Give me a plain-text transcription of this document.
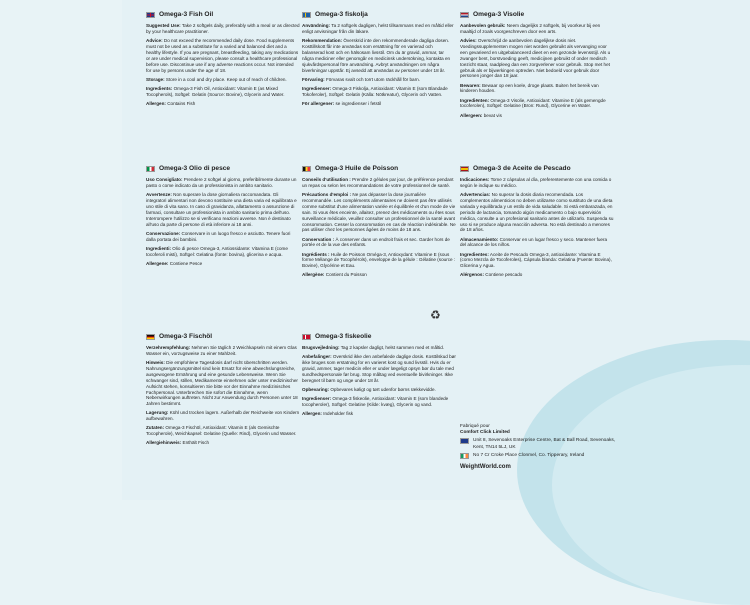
Omega-3 Fish Oil

Suggested Use: Take 2 softgels daily, preferably with a meal or as directed by your healthcare practitioner.

Advice: Do not exceed the recommended daily dose. Food supplements must not be used as a substitute for a varied and balanced diet and a healthy lifestyle. If you are pregnant, breastfeeding, taking any medications or are under medical supervision, please consult a healthcare professional before use. Discontinue use if any adverse reactions occur. Not intended for use by persons under the age of 18.

Storage: Store in a cool and dry place. Keep out of reach of children.

Ingredients: Omega-3 Fish Oil, Antioxidant: Vitamin E (as Mixed Tocopherols), Softgel: Gelatin (Source: Bovine), Glycerin and Water.

Allergen: Contains Fish

Omega-3 fiskolja

Användning: Ta 2 softgels dagligen, helst tillsammans med en måltid eller enligt anvisningar från din läkare.

Rekommendation: Överskrid inte den rekommenderade dagliga dosen. Kosttillskott får inte användas som ersättning för en varierad och balanserad kost och en hälsosam livsstil. Om du är gravid, ammar, tar några mediciner eller genomgår en medicinsk undersökning, kontakta en sjukvårdspersonal före användning. Avbryt användningen om några biverkningar uppstår. Ej avsedd att användas av personer under 18 år.

Förvaring: Förvaras svalt och torrt utom räckhåll för barn.

Ingredienser: Omega-3 Fiskolja, Antioxidant: Vitamin E (som Blandade Tokoferoler), Softgel: Gelatin (Källa: Nötkreatur), Glycerin och Vatten.

För allergener: se ingredienser i fetstil

Omega-3 Visolie

Aanbevolen gebruik: Neem dagelijks 2 softgels, bij voorkeur bij een maaltijd of zoals voorgeschreven door een arts.

Advies: Overschrijd de aanbevolen dagelijkse dosis niet. Voedingssupplementen mogen niet worden gebruikt als vervanging voor een gevarieerd en uitgebalanceerd dieet en een gezonde levensstijl. Als u zwanger bent, borstvoeding geeft, medicijnen gebruikt of onder medisch toezicht staat, raadpleeg dan een zorgverlener voor gebruik. Stop met het gebruik als er bijwerkingen optreden. Niet bedoeld voor gebruik door personen jonger dan 18 jaar.

Bewaren: Bewaar op een koele, droge plaats. Buiten het bereik van kinderen houden.

Ingrediënten: Omega-3 Visolie, Antioxidant: Vitamine E (als gemengde tocoferolen), Softgel: Gelatine (Bron: Rund), Glycerine en Water.

Allergeen: bevat vis

Omega-3 Olio di pesce

Uso Consigliato: Prendere 2 softgel al giorno, preferibilmente durante un pasto o come indicato da un professionista in ambito sanitario.

Avvertenze: Non superare la dose giornaliera raccomandata. Gli integratori alimentari non devono sostituire una dieta varia ed equilibrata e uno stile di vita sano. In caso di gravidanza, allattamento o assunzione di farmaci, consultare un professionista in ambito sanitario prima dell'uso. Interrompere l'utilizzo se si verificano reazioni avverse. Non è destinato all'uso da parte di persone di età inferiore ai 18 anni.

Conservazione: Conservare in un luogo fresco e asciutto. Tenere fuori dalla portata dei bambini.

Ingredienti: Olio di pesce Omega-3, Antiossidante: Vitamina E (come tocoferoli misti), Softgel: Gelatina (fonte: bovina), glicerina e acqua.

Allergene: Contiene Pesce

Omega-3 Huile de Poisson

Conseils d'utilisation : Prendre 2 gélules par jour, de préférence pendant un repas ou selon les recommandations de votre professionnel de santé.

Précautions d'emploi : Ne pas dépasser la dose journalière recommandée. Les compléments alimentaires ne doivent pas être utilisés comme substitut d'une alimentation variée et équilibrée et d'un mode de vie sain. Si vous êtes enceinte, allaitez, prenez des médicaments ou êtes sous surveillance médicale, veuillez consulter un professionnel de la santé avant consommation. Cesser la consommation en cas de réaction indésirable. Ne pas utiliser chez les personnes âgées de moins de 18 ans.

Conservation : À conserver dans un endroit frais et sec. Garder hors de portée et de la vue des enfants.

Ingrédients : Huile de Poisson Oméga-3, Antioxydant: Vitamine E (sous forme Mélange de Tocophérols), enveloppe de la gélule : Gélatine (source : Bovine), Glycérine et Eau.

Allergène: Contient du Poisson

Omega-3 de Aceite de Pescado

Indicaciones: Tome 2 cápsulas al día, preferentemente con una comida o según le indique su médico.

Advertencias: No superar la dosis diaria recomendada. Los complementos alimenticios no deben utilizarse como sustituto de una dieta variada y equilibrada y un estilo de vida saludable. Si está embarazada, en periodo de lactancia, tomando algún medicamento o bajo supervisión médica, consulte a un profesional sanitario antes de utilizarlo. Suspenda su uso si se produce alguna reacción adversa. No está destinado a menores de 18 años.

Almacenamiento: Conservar en un lugar fresco y seco. Mantener fuera del alcance de los niños.

Ingredientes: Aceite de Pescado Omega-3, antioxidante: Vitamina E (como Mezcla de Tocoferoles), Cápsula blanda: Gelatina (Fuente: Bovina), Glicerina y Agua.

Alérgenos: Contiene pescado

♻
Omega-3 Fischöl

Verzehrempfehlung: Nehmen Sie täglich 2 Weichkapseln mit einem Glas Wasser ein, vorzugsweise zu einer Mahlzeit.

Hinweis: Die empfohlene Tagesdosis darf nicht überschritten werden. Nahrungsergänzungsmittel sind kein Ersatz für eine abwechslungsreiche, ausgewogene Ernährung und eine gesunde Lebensweise. Wenn Sie schwanger sind, stillen, Medikamente einnehmen oder unter medizinischer Aufsicht stehen, konsultieren Sie bitte vor der Einnahme medizinisches Fachpersonal. Unterbrechen Sie sofort die Einnahme, wenn Nebenwirkungen auftreten. Nicht zur Anwendung durch Personen unter 18 Jahren bestimmt.

Lagerung: Kühl und trocken lagern. Außerhalb der Reichweite von Kindern aufbewahren.

Zutaten: Omega-3 Fischöl, Antioxidant: Vitamin E (als Gemischte Tocopherole), Weichkapsel: Gelatine (Quelle: Rind), Glycerin und Wasser.

Allergiehinweis: Enthält Fisch

Omega-3 fiskeolie

Brugsvejledning: Tag 2 kapsler dagligt, helst sammen med et måltid.

Anbefalinger: Overskrid ikke den anbefalede daglige dosis. Kosttilskud bør ikke bruges som erstatning for en varieret kost og sund livsstil. Hvis du er gravid, ammer, tager medicin eller er under lægeligt opsyn bør du tale med sundhedspersonale før brug. Stop måltag ved eventuelle bivirkninger. Ikke beregnet til børn og unge under 18 år.

Opbevaring: Opbevares køligt og tørt udenfor børns rækkevidde.

Ingredienser: Omega-3 fiskeolie, Antioxidant: Vitamin E (som blandede tocopheroler), Softgel: Gelatine (Kilde: kvæg), Glycerin og vand.

Allergen: Indeholder fisk

Fabriqué pour
Comfort Click Limited
Unit 8, Sevenoaks Enterprise Centre, Bat & Ball Road, Sevenoaks, Kent, TN14 5LJ, UK
No 7 Cr Croke Place Clonmel, Co. Tipperary, Ireland
WeightWorld.com
